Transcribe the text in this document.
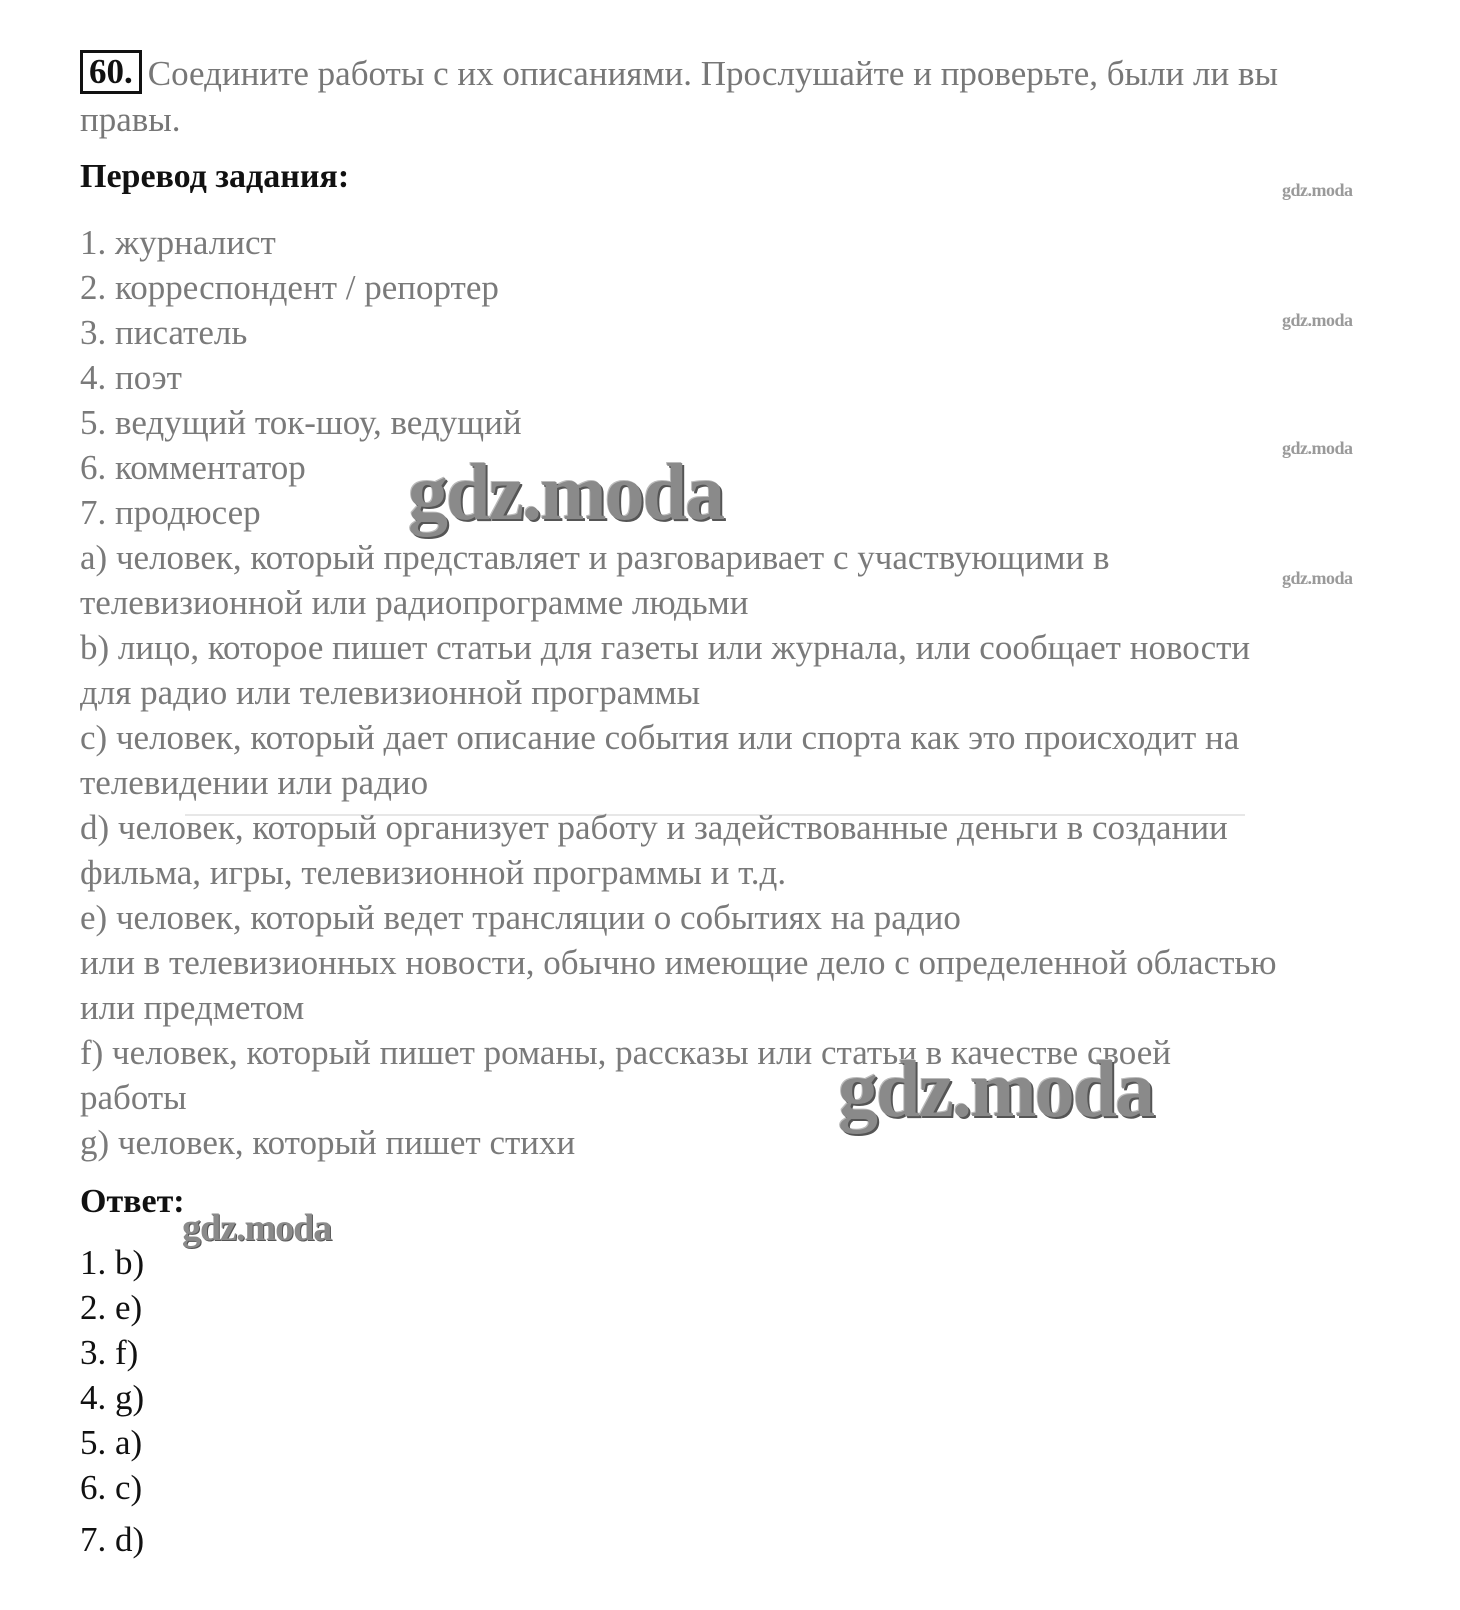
60. Соедините работы с их описаниями. Прослушайте и проверьте, были ли вы правы.
Перевод задания:
1. журналист
2. корреспондент / репортер
3. писатель
4. поэт
5. ведущий ток-шоу, ведущий
6. комментатор
7. продюсер
a) человек, который представляет и разговаривает с участвующими в
телевизионной или радиопрограмме людьми
b) лицо, которое пишет статьи для газеты или журнала, или сообщает новости
для радио или телевизионной программы
c) человек, который дает описание события или спорта как это происходит на
телевидении или радио
d) человек, который организует работу и задействованные деньги в создании
фильма, игры, телевизионной программы и т.д.
e) человек, который ведет трансляции о событиях на радио
или в телевизионных новости, обычно имеющие дело с определенной областью
или предметом
f) человек, который пишет романы, рассказы или статьи в качестве своей
работы
g) человек, который пишет стихи
Ответ:
1. b)
2. e)
3. f)
4. g)
5. a)
6. c)
7. d)
gdz.moda
gdz.moda
gdz.moda
gdz.moda
gdz.moda
gdz.moda
gdz.moda
